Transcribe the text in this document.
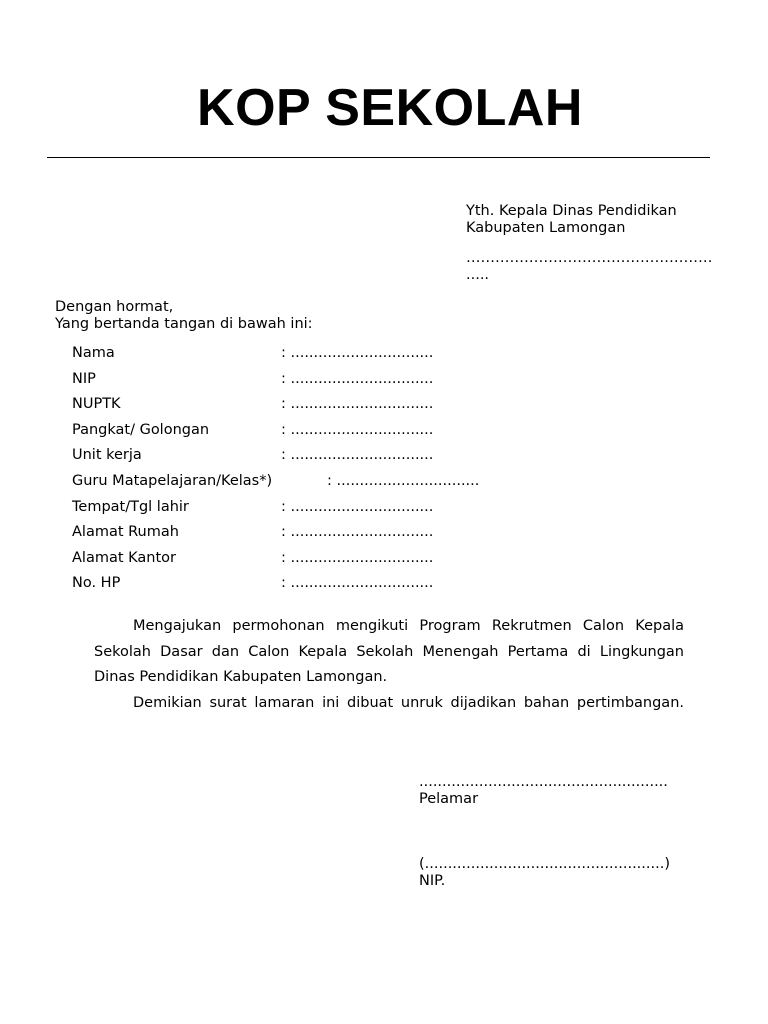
KOP SEKOLAH
Yth. Kepala Dinas Pendidikan
Kabupaten Lamongan
……………………………………………
.....
Dengan hormat,
Yang bertanda tangan di bawah ini:
Nama	: ...............................
NIP	: ...............................
NUPTK	: ...............................
Pangkat/ Golongan	: ...............................
Unit kerja	: ...............................
Guru Matapelajaran/Kelas*)	: ...............................
Tempat/Tgl lahir	: ...............................
Alamat Rumah	: ...............................
Alamat Kantor	: ...............................
No. HP	: ...............................

Mengajukan permohonan mengikuti Program Rekrutmen Calon Kepala Sekolah Dasar dan Calon Kepala Sekolah Menengah Pertama di Lingkungan Dinas Pendidikan Kabupaten Lamongan.

Demikian surat lamaran ini dibuat unruk dijadikan bahan pertimbangan.

......................................................
Pelamar
(....................................................)
NIP.
